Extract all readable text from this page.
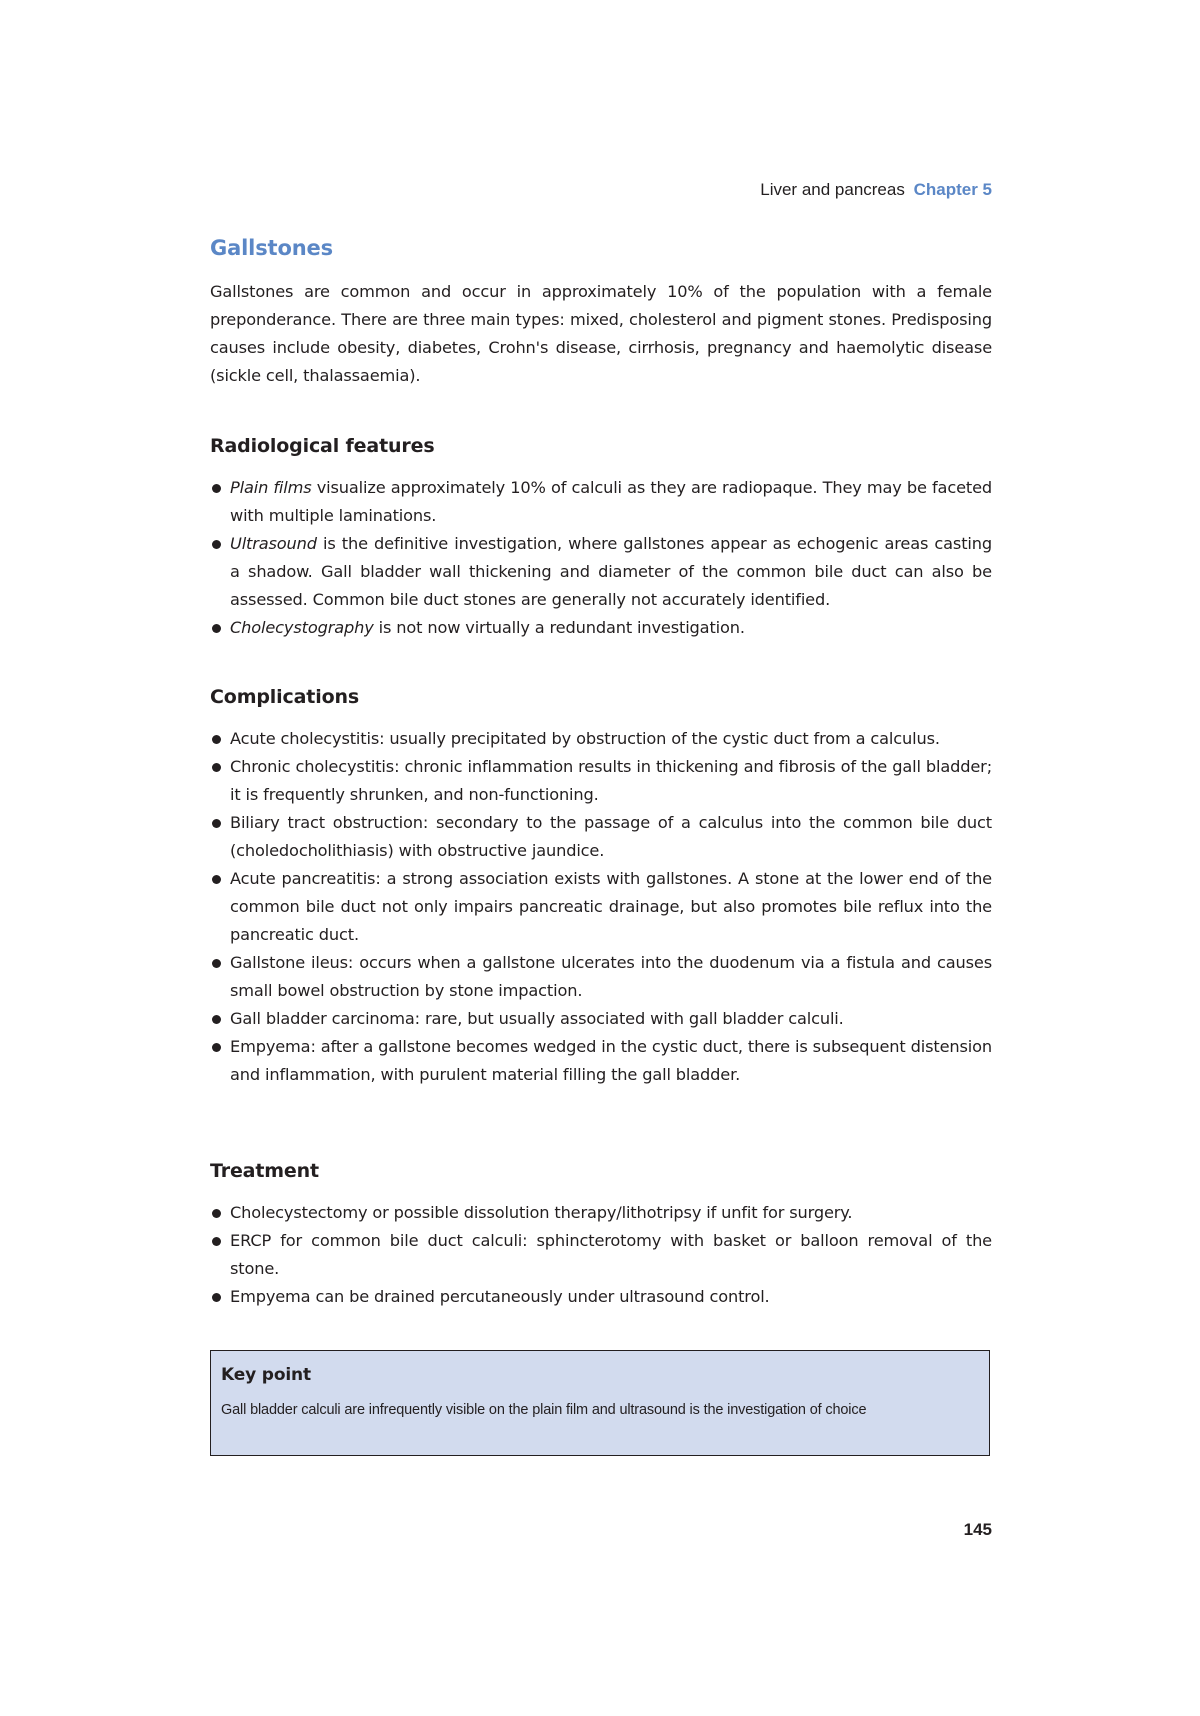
Liver and pancreas Chapter 5
Gallstones

Gallstones are common and occur in approximately 10% of the population with a female preponderance. There are three main types: mixed, cholesterol and pigment stones. Predisposing causes include obesity, diabetes, Crohn's disease, cirrhosis, pregnancy and haemolytic disease (sickle cell, thalassaemia).

Radiological features
Plain films visualize approximately 10% of calculi as they are radiopaque. They may be faceted with multiple laminations.
Ultrasound is the definitive investigation, where gallstones appear as echogenic areas casting a shadow. Gall bladder wall thickening and diameter of the common bile duct can also be assessed. Common bile duct stones are generally not accurately identified.
Cholecystography is not now virtually a redundant investigation.
Complications
Acute cholecystitis: usually precipitated by obstruction of the cystic duct from a calculus.
Chronic cholecystitis: chronic inflammation results in thickening and fibrosis of the gall bladder; it is frequently shrunken, and non-functioning.
Biliary tract obstruction: secondary to the passage of a calculus into the common bile duct (choledocholithiasis) with obstructive jaundice.
Acute pancreatitis: a strong association exists with gallstones. A stone at the lower end of the common bile duct not only impairs pancreatic drainage, but also promotes bile reflux into the pancreatic duct.
Gallstone ileus: occurs when a gallstone ulcerates into the duodenum via a fistula and causes small bowel obstruction by stone impaction.
Gall bladder carcinoma: rare, but usually associated with gall bladder calculi.
Empyema: after a gallstone becomes wedged in the cystic duct, there is subsequent distension and inflammation, with purulent material filling the gall bladder.
Treatment
Cholecystectomy or possible dissolution therapy/lithotripsy if unfit for surgery.
ERCP for common bile duct calculi: sphincterotomy with basket or balloon removal of the stone.
Empyema can be drained percutaneously under ultrasound control.

Key point

Gall bladder calculi are infrequently visible on the plain film and ultrasound is the investigation of choice

145
